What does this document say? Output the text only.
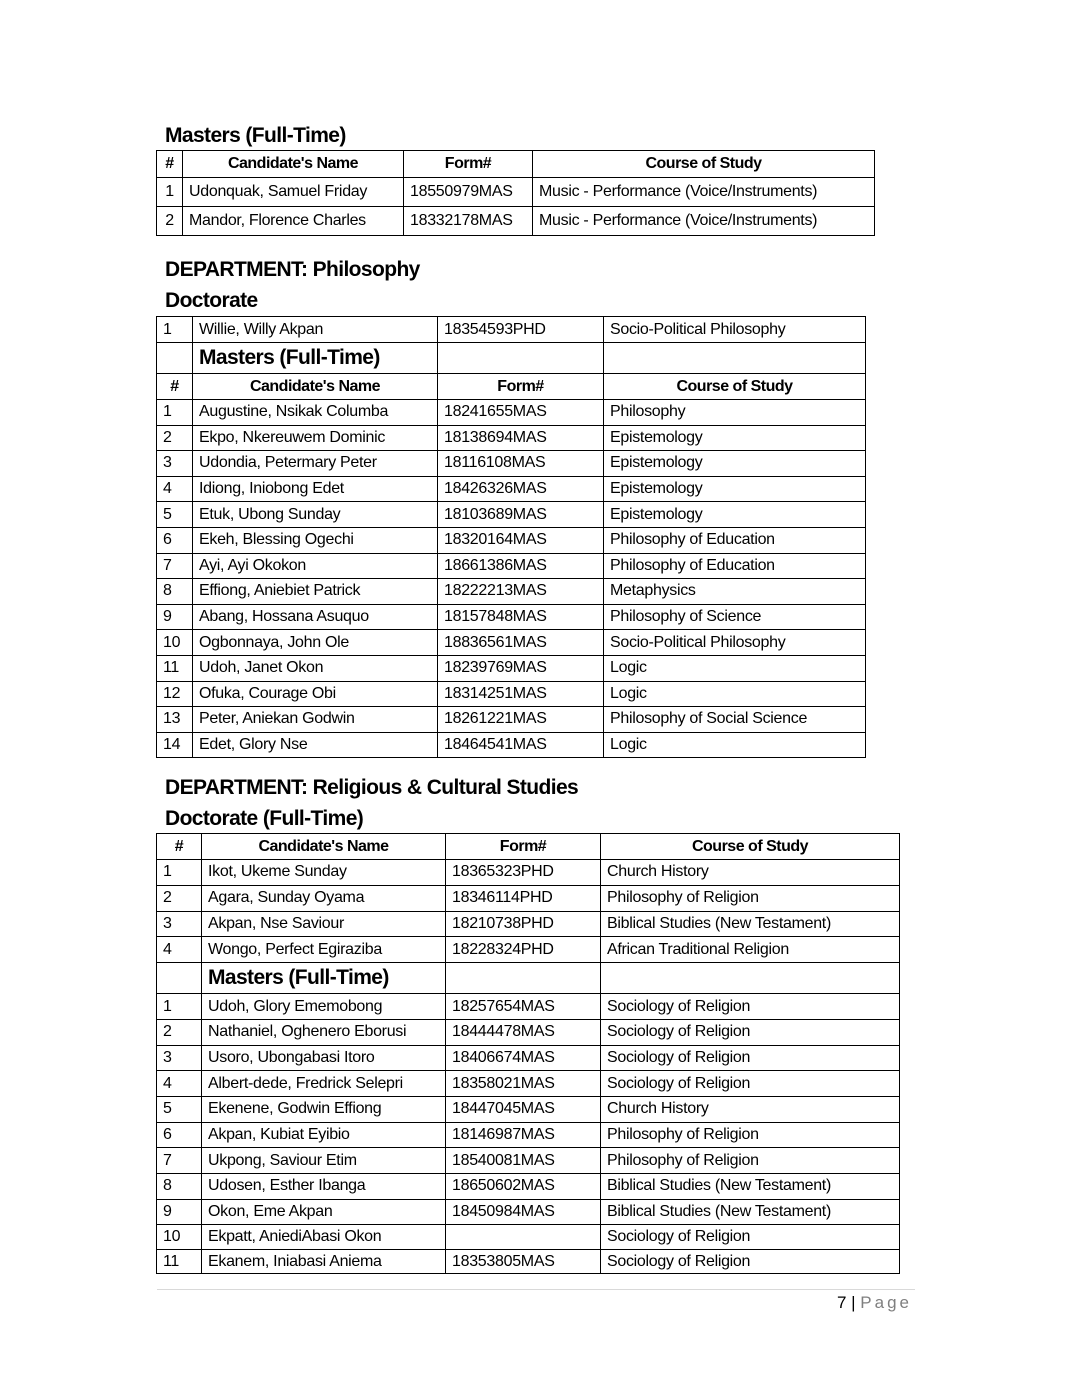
Masters (Full-Time)
#	Candidate's Name	Form#	Course of Study
1	Udonquak, Samuel Friday	18550979MAS	Music - Performance (Voice/Instruments)
2	Mandor, Florence Charles	18332178MAS	Music - Performance (Voice/Instruments)
DEPARTMENT: Philosophy
Doctorate
1	Willie, Willy Akpan	18354593PHD	Socio-Political Philosophy
	Masters (Full-Time)		
#	Candidate's Name	Form#	Course of Study
1	Augustine, Nsikak Columba	18241655MAS	Philosophy
2	Ekpo, Nkereuwem Dominic	18138694MAS	Epistemology
3	Udondia, Petermary Peter	18116108MAS	Epistemology
4	Idiong, Iniobong Edet	18426326MAS	Epistemology
5	Etuk, Ubong Sunday	18103689MAS	Epistemology
6	Ekeh, Blessing Ogechi	18320164MAS	Philosophy of Education
7	Ayi, Ayi Okokon	18661386MAS	Philosophy of Education
8	Effiong, Aniebiet Patrick	18222213MAS	Metaphysics
9	Abang, Hossana Asuquo	18157848MAS	Philosophy of Science
10	Ogbonnaya, John Ole	18836561MAS	Socio-Political Philosophy
11	Udoh, Janet Okon	18239769MAS	Logic
12	Ofuka, Courage Obi	18314251MAS	Logic
13	Peter, Aniekan Godwin	18261221MAS	Philosophy of Social Science
14	Edet, Glory Nse	18464541MAS	Logic
DEPARTMENT: Religious & Cultural Studies
Doctorate (Full-Time)
#	Candidate's Name	Form#	Course of Study
1	Ikot, Ukeme Sunday	18365323PHD	Church History
2	Agara, Sunday Oyama	18346114PHD	Philosophy of Religion
3	Akpan, Nse Saviour	18210738PHD	Biblical Studies (New Testament)
4	Wongo, Perfect Egiraziba	18228324PHD	African Traditional Religion
	Masters (Full-Time)		
1	Udoh, Glory Ememobong	18257654MAS	Sociology of Religion
2	Nathaniel, Oghenero Eborusi	18444478MAS	Sociology of Religion
3	Usoro, Ubongabasi Itoro	18406674MAS	Sociology of Religion
4	Albert-dede, Fredrick Selepri	18358021MAS	Sociology of Religion
5	Ekenene, Godwin Effiong	18447045MAS	Church History
6	Akpan, Kubiat Eyibio	18146987MAS	Philosophy of Religion
7	Ukpong, Saviour Etim	18540081MAS	Philosophy of Religion
8	Udosen, Esther Ibanga	18650602MAS	Biblical Studies (New Testament)
9	Okon, Eme Akpan	18450984MAS	Biblical Studies (New Testament)
10	Ekpatt, AniediAbasi Okon		Sociology of Religion
11	Ekanem, Iniabasi Aniema	18353805MAS	Sociology of Religion
7 | Page
